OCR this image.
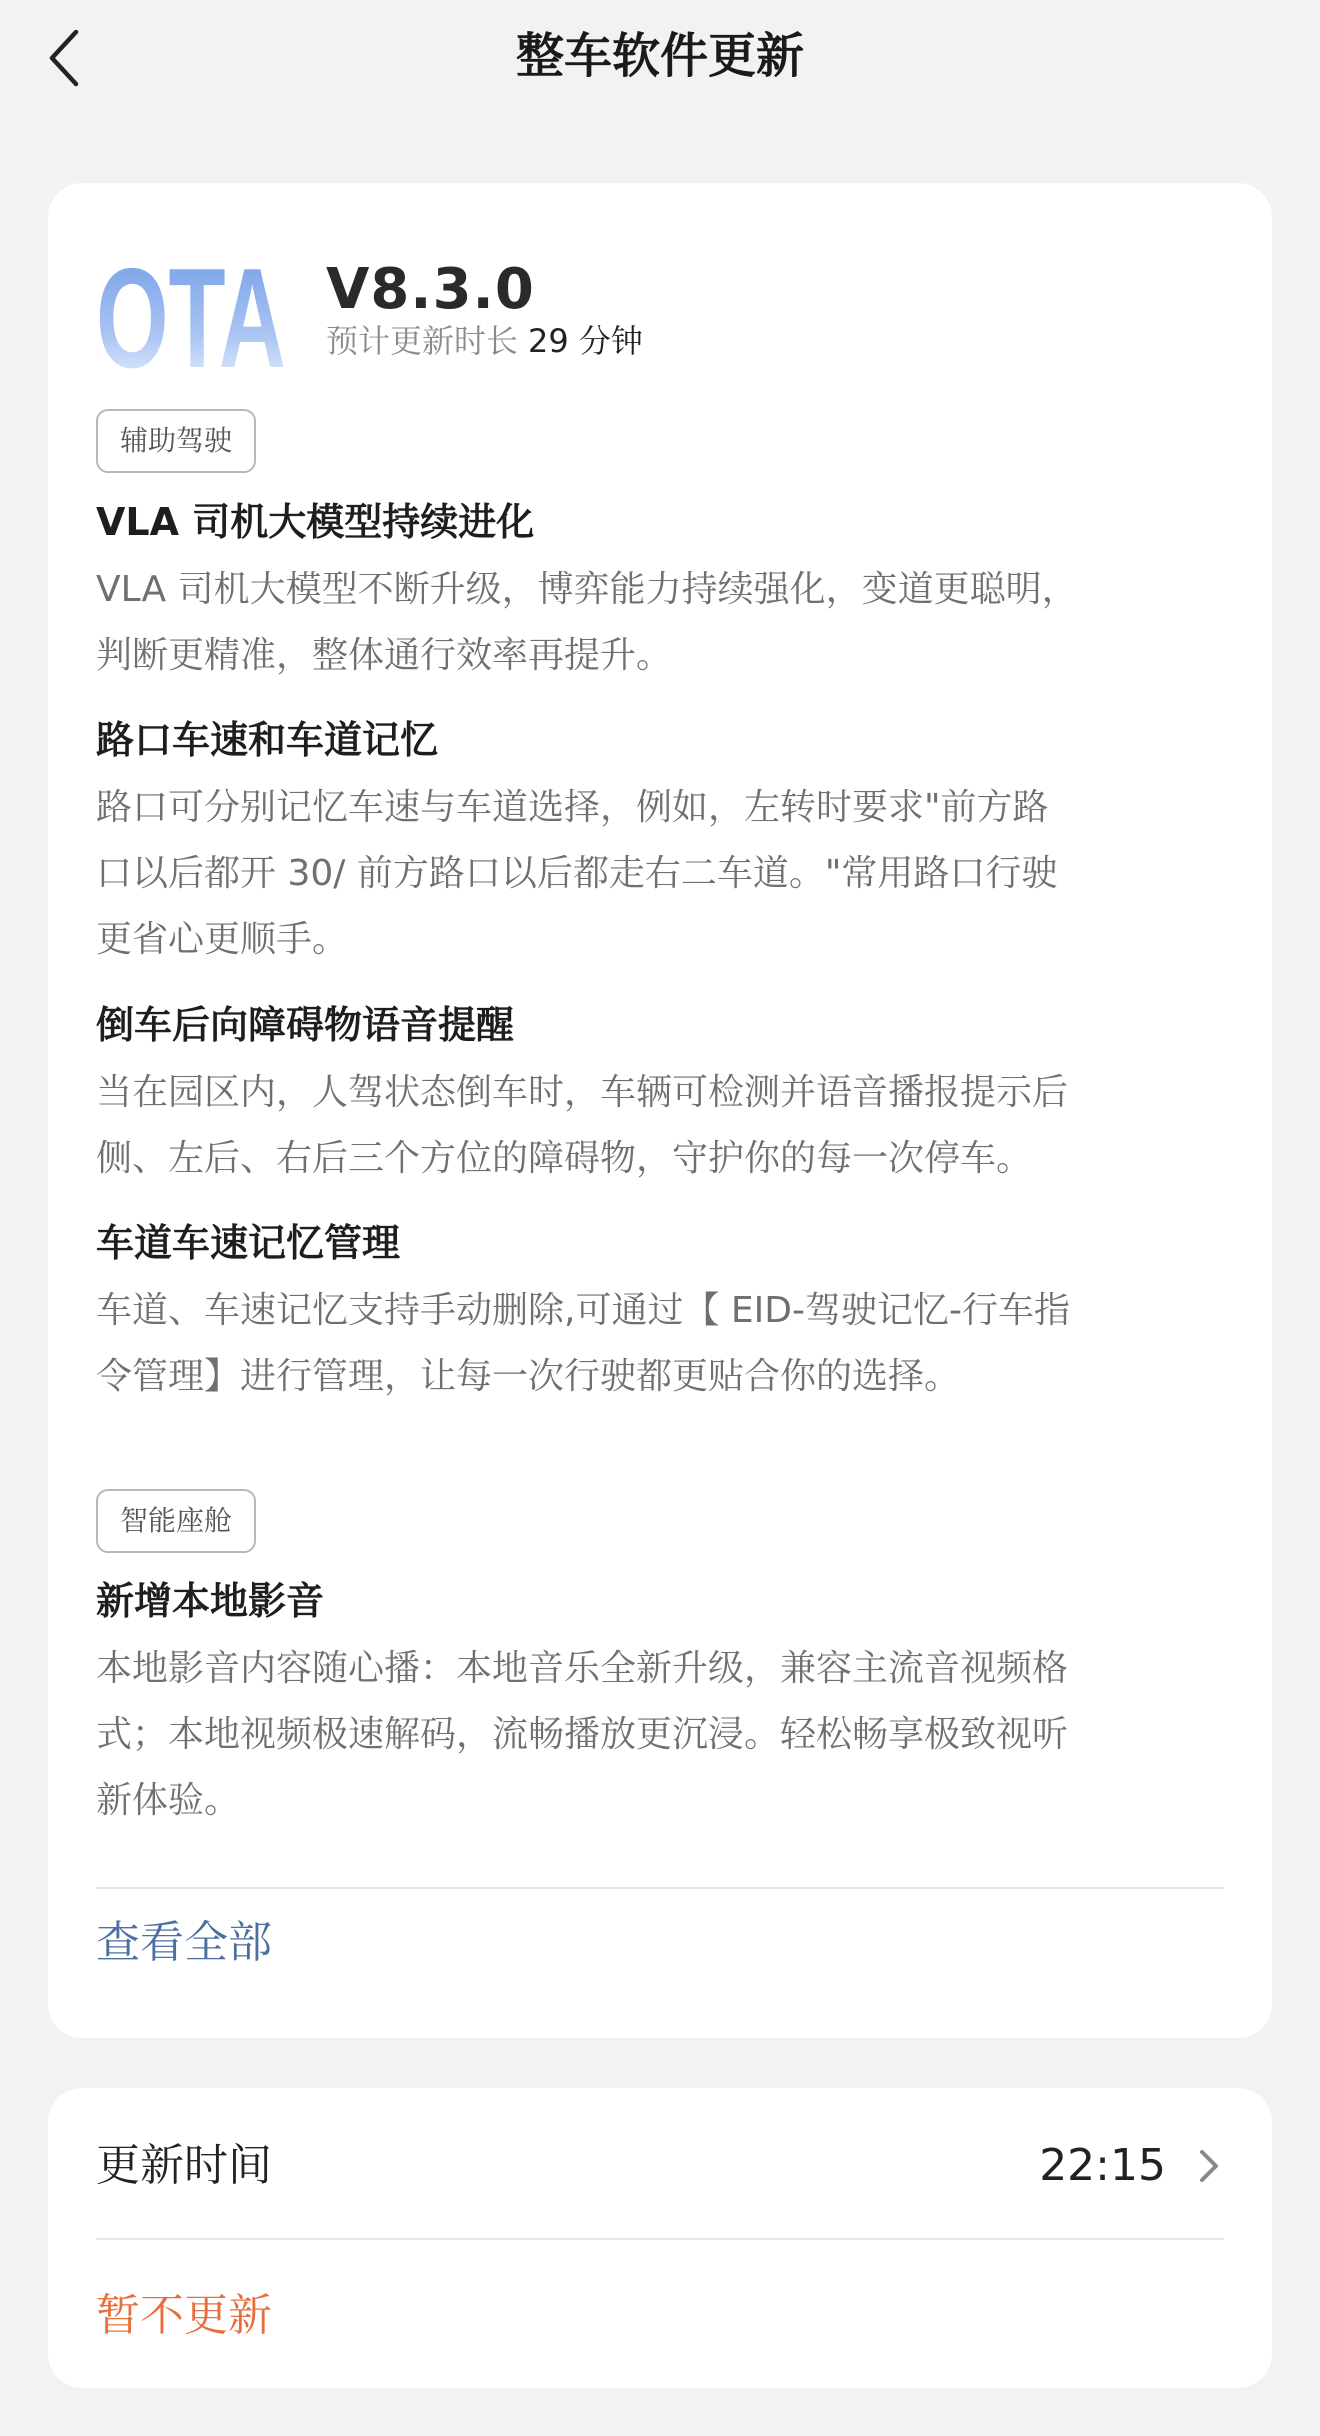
整车软件更新
OTA V8.3.0
预计更新时长 29 分钟
辅助驾驶
VLA 司机大模型持续进化
VLA 司机大模型不断升级，博弈能力持续强化，变道更聪明，
判断更精准，整体通行效率再提升。
路口车速和车道记忆
路口可分别记忆车速与车道选择，例如，左转时要求"前方路
口以后都开 30/ 前方路口以后都走右二车道。"常用路口行驶
更省心更顺手。
倒车后向障碍物语音提醒
当在园区内，人驾状态倒车时，车辆可检测并语音播报提示后
侧、左后、右后三个方位的障碍物，守护你的每一次停车。
车道车速记忆管理
车道、车速记忆支持手动删除,可通过【 EID-驾驶记忆-行车指
令管理】进行管理，让每一次行驶都更贴合你的选择。
智能座舱
新增本地影音
本地影音内容随心播：本地音乐全新升级，兼容主流音视频格
式；本地视频极速解码，流畅播放更沉浸。轻松畅享极致视听
新体验。
查看全部
更新时间	22:15
暂不更新
